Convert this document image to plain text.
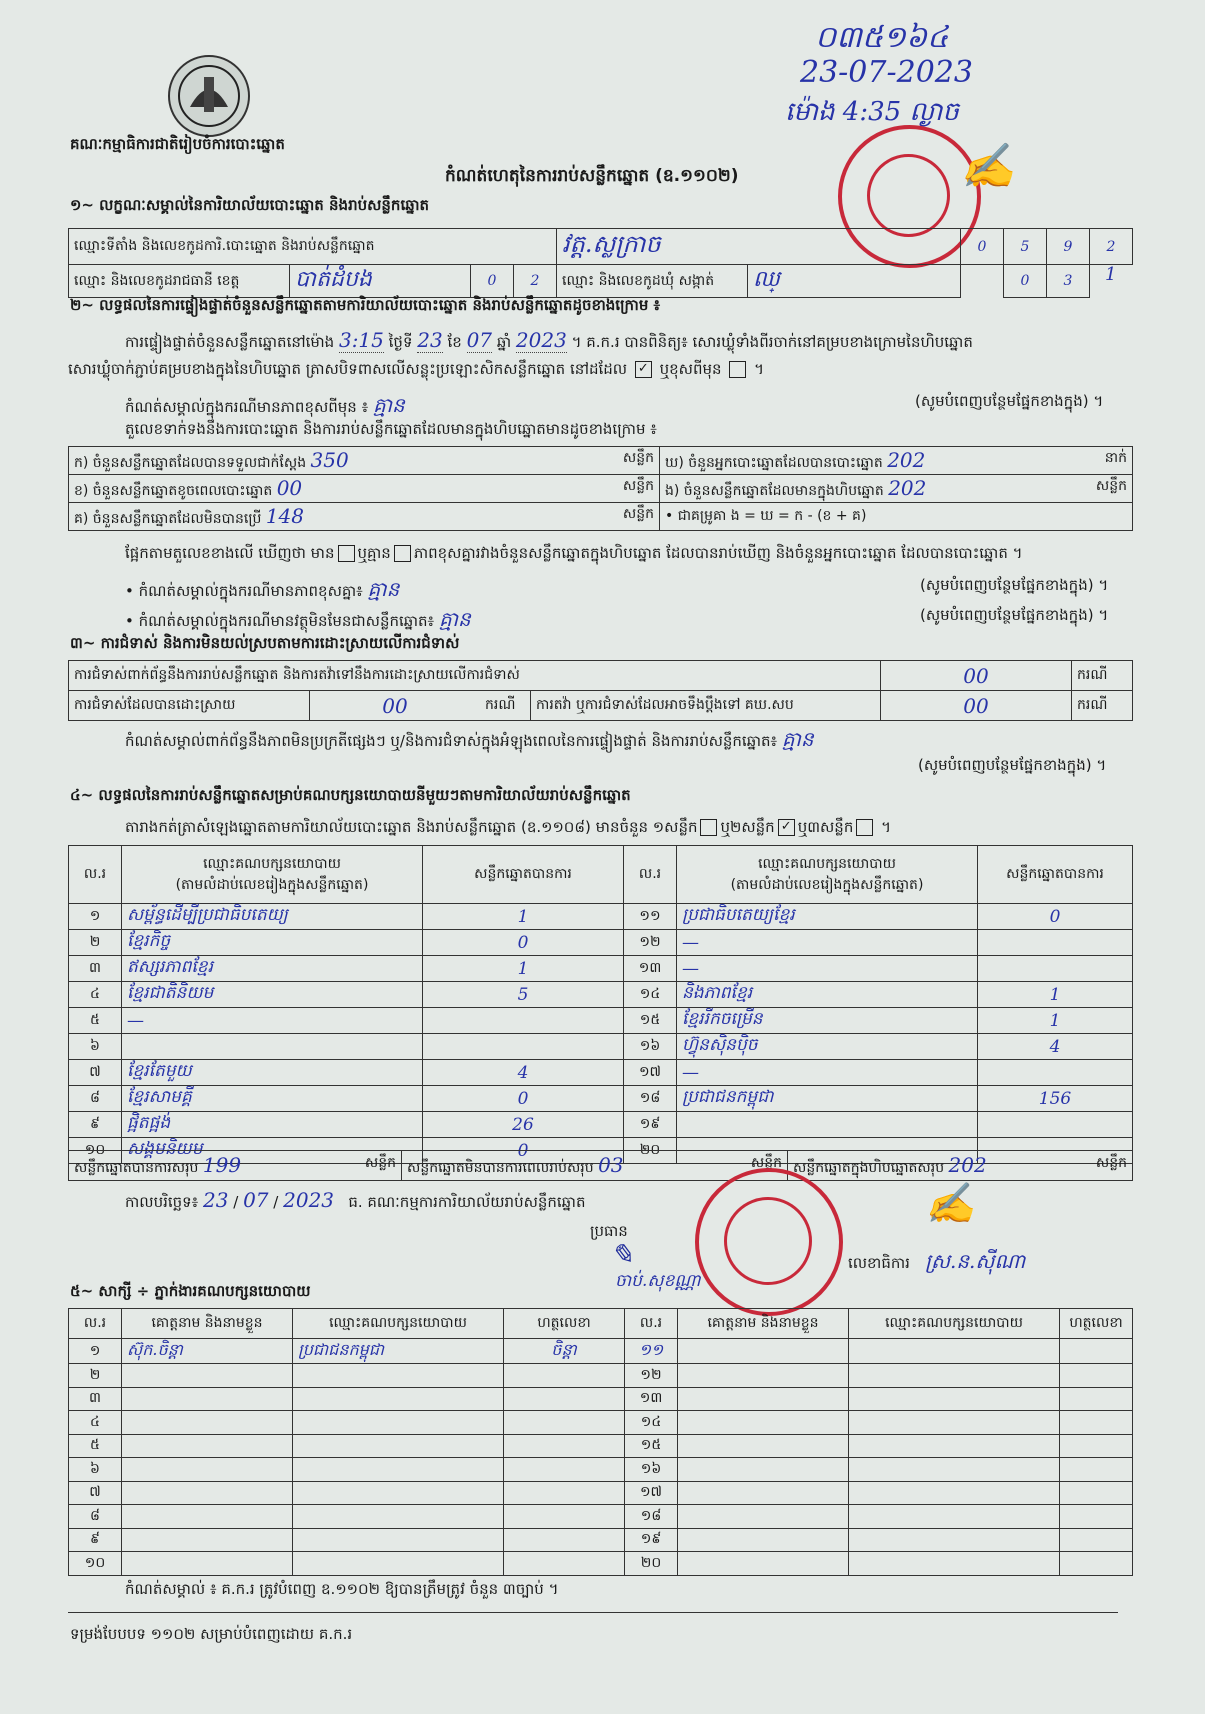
គណៈកម្មាធិការជាតិរៀបចំការបោះឆ្នោត
កំណត់ហេតុនៃការរាប់សន្លឹកឆ្នោត (ឧ.១១០២)
០៣៥១៦៤
23-07-2023
ម៉ោង 4:35 ល្ងាច
✍
១~ លក្ខណៈសម្គាល់នៃការិយាល័យបោះឆ្នោត និងរាប់សន្លឹកឆ្នោត
ឈ្មោះទីតាំង និងលេខកូដការិ.បោះឆ្នោត និងរាប់សន្លឹកឆ្នោត				វត្ត.ស្លក្រាច		0	5	9	2
ឈ្មោះ និងលេខកូដរាជធានី ខេត្ត	បាត់ដំបង	0	2	ឈ្មោះ និងលេខកូដឃុំ សង្កាត់	ឈ្		0	3	1
២~ លទ្ធផលនៃការផ្ទៀងផ្ទាត់ចំនួនសន្លឹកឆ្នោតតាមការិយាល័យបោះឆ្នោត និងរាប់សន្លឹកឆ្នោតដូចខាងក្រោម ៖
ការផ្ទៀងផ្ទាត់ចំនួនសន្លឹកឆ្នោតនៅម៉ោង 3:15 ថ្ងៃទី 23 ខែ 07 ឆ្នាំ 2023 ។ គ.ក.រ បានពិនិត្យ៖ សោរ​ឃ្លុំទាំងពីរចាក់នៅគម្របខាងក្រោមនៃហិបឆ្នោត
សោរ​ឃ្លុំចាក់ភ្ជាប់គម្របខាងក្នុងនៃហិបឆ្នោត ត្រាសបិទពាសលើសន្លុះប្រឡោះសិកសន្លឹកឆ្នោត នៅដដែល ✓ ឬខុសពីមុន  ។
កំណត់សម្គាល់ក្នុងករណីមានភាពខុសពីមុន ៖ គ្មាន	(សូមបំពេញបន្ថែមផ្នែកខាងក្នុង) ។
តួលេខទាក់ទងនឹងការបោះឆ្នោត និងការរាប់សន្លឹកឆ្នោតដែលមានក្នុងហិបឆ្នោតមានដូចខាងក្រោម ៖
ក) ចំនួនសន្លឹកឆ្នោតដែលបានទទួលជាក់ស្តែង 350 សន្លឹក	ឃ) ចំនួនអ្នកបោះឆ្នោតដែលបានបោះឆ្នោត 202 នាក់

ខ) ចំនួនសន្លឹកឆ្នោតខូចពេលបោះឆ្នោត 00 សន្លឹក	ង) ចំនួនសន្លឹកឆ្នោតដែលមានក្នុងហិបឆ្នោត 202 សន្លឹក

គ) ចំនួនសន្លឹកឆ្នោតដែលមិនបានប្រើ 148 សន្លឹក	• ជាគម្រូគា ង = ឃ = ក - (ខ + គ)
ផ្អែកតាមតួលេខខាងលើ ឃើញថា មាន ឬគ្មាន ភាពខុសគ្នារវាងចំនួនសន្លឹកឆ្នោតក្នុងហិបឆ្នោត ដែលបានរាប់ឃើញ និងចំនួនអ្នកបោះឆ្នោត ដែលបានបោះឆ្នោត ។
• កំណត់សម្គាល់ក្នុងករណីមានភាពខុសគ្នា៖ គ្មាន	(សូមបំពេញបន្ថែមផ្នែកខាងក្នុង) ។
• កំណត់សម្គាល់ក្នុងករណីមានវត្ថុមិនមែនជាសន្លឹកឆ្នោត៖ គ្មាន	(សូមបំពេញបន្ថែមផ្នែកខាងក្នុង) ។
៣~ ការជំទាស់ និងការមិនយល់ស្របតាមការដោះស្រាយលើការជំទាស់
ការជំទាស់ពាក់ព័ន្ធនឹងការរាប់សន្លឹកឆ្នោត និងការតវ៉ាទៅនឹងការដោះស្រាយលើការជំទាស់				00	ករណី
ការជំទាស់ដែលបានដោះស្រាយ	00	ករណី	ការតវ៉ា ឬការជំទាស់ដែលអាចទឹងប្តឹងទៅ គឃ.សប	00	ករណី
កំណត់សម្គាល់ពាក់ព័ន្ធនឹងភាពមិនប្រក្រតីផ្សេងៗ ឬ/និងការជំទាស់ក្នុងអំឡុងពេលនៃការផ្ទៀងផ្ទាត់ និងការរាប់សន្លឹកឆ្នោត៖ គ្មាន
(សូមបំពេញបន្ថែមផ្នែកខាងក្នុង) ។
៤~ លទ្ធផលនៃការរាប់សន្លឹកឆ្នោតសម្រាប់គណបក្សនយោបាយនីមួយៗតាមការិយាល័យរាប់សន្លឹកឆ្នោត
តារាងកត់ត្រាសំឡេងឆ្នោតតាមការិយាល័យបោះឆ្នោត និងរាប់សន្លឹកឆ្នោត (ឧ.១១០៨) មានចំនួន ១សន្លឹក ឬ២សន្លឹក ✓ ឬ៣សន្លឹក ។
ល.រ	ឈ្មោះគណបក្សនយោបាយ
(តាមលំដាប់លេខរៀងក្នុងសន្លឹកឆ្នោត)	សន្លឹកឆ្នោតបានការ	ល.រ	ឈ្មោះគណបក្សនយោបាយ
(តាមលំដាប់លេខរៀងក្នុងសន្លឹកឆ្នោត)	សន្លឹកឆ្នោតបានការ
១	សម្ព័ន្ធដើម្បីប្រជាធិបតេយ្យ	1	១១	ប្រជាធិបតេយ្យខ្មែរ	0
២	ខ្មែរកិច្ច	0	១២	—	
៣	ឥស្សរភាពខ្មែរ	1	១៣	—	
៤	ខ្មែរជាតិនិយម	5	១៤	និងភាពខ្មែរ	1
៥	—		១៥	ខ្មែរ​រីកចម្រើន	1
៦			១៦	ហ៊្វុនស៊ិនប៉ិច	4
៧	ខ្មែរតែមួយ	4	១៧	—	
៨	ខ្មែរសាមគ្គី	0	១៨	ប្រជាជនកម្ពុជា	156
៩	ផ្អិតផ្អង់	26	១៩		
១០	សង្គមនិយម	0	២០		
សន្លឹកឆ្នោតបានការសរុប 199	សន្លឹក	សន្លឹកឆ្នោតមិនបានការពេលរាប់សរុប 03	សន្លឹក	សន្លឹកឆ្នោតក្នុងហិបឆ្នោតសរុប 202	សន្លឹក
កាលបរិច្ឆេទ៖ 23 / 07 / 2023 ធ. គណៈកម្មការការិយាល័យរាប់សន្លឹកឆ្នោត	✍
ប្រធាន
✎
ចាប់.សុខណ្ណា
លេខាធិការ ស្រ.ន.ស៊ីណា
៥~ សាក្សី ÷ ភ្នាក់ងារគណបក្សនយោបាយ
ល.រ	គោត្តនាម និងនាមខ្លួន	ឈ្មោះគណបក្សនយោបាយ	ហត្ថលេខា	ល.រ	គោត្តនាម និងនាមខ្លួន	ឈ្មោះគណបក្សនយោបាយ	ហត្ថលេខា
១	ស៊ុក.ចិន្តា	ប្រជាជនកម្ពុជា	ចិន្តា	១១			
២				១២			
៣				១៣			
៤				១៤			
៥				១៥			
៦				១៦			
៧				១៧			
៨				១៨			
៩				១៩			
១០				២០			
កំណត់សម្គាល់ ៖ គ.ក.រ ត្រូវបំពេញ ឧ.១១០២ ឱ្យបានត្រឹមត្រូវ ចំនួន ៣ច្បាប់ ។
ទម្រង់បែបបទ ១១០២ សម្រាប់បំពេញដោយ គ.ក.រ
